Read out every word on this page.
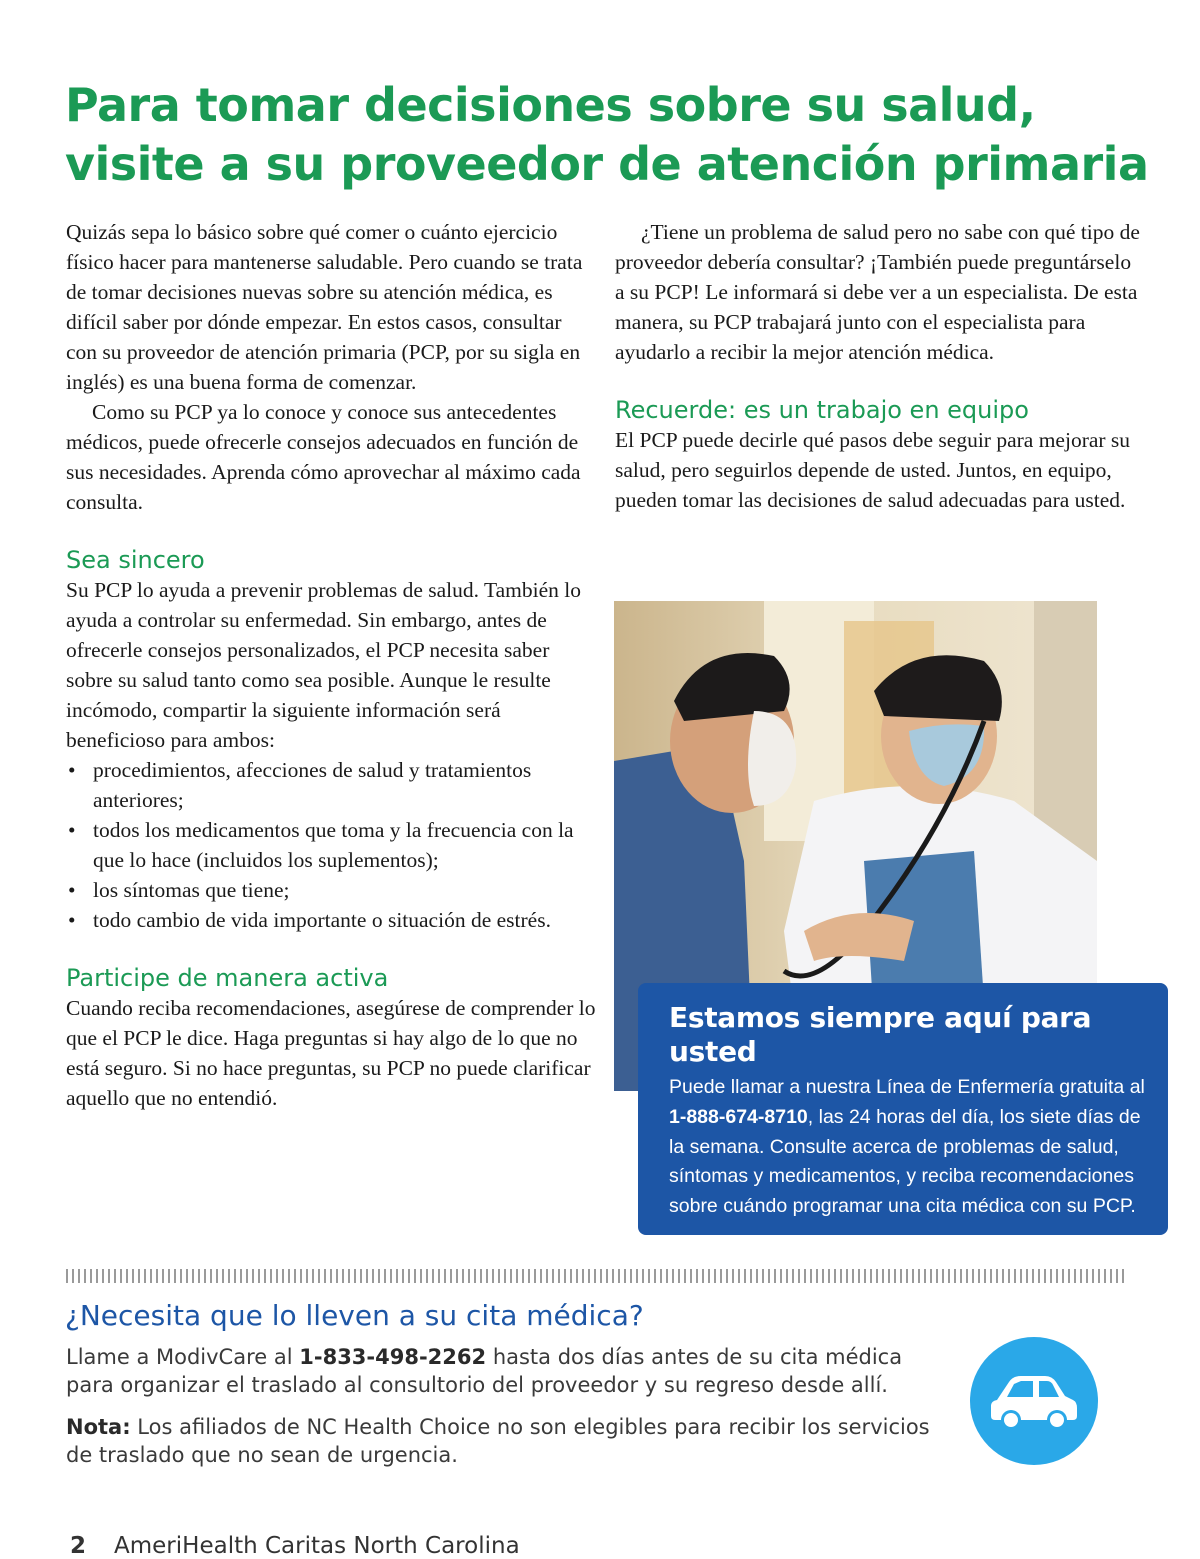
Para tomar decisiones sobre su salud,
visite a su proveedor de atención primaria

Quizás sepa lo básico sobre qué comer o cuánto ejercicio físico hacer para mantenerse saludable. Pero cuando se trata de tomar decisiones nuevas sobre su atención médica, es difícil saber por dónde empezar. En estos casos, consultar con su proveedor de atención primaria (PCP, por su sigla en inglés) es una buena forma de comenzar.

Como su PCP ya lo conoce y conoce sus antecedentes médicos, puede ofrecerle consejos adecuados en función de sus necesidades. Aprenda cómo aprovechar al máximo cada consulta.

Sea sincero

Su PCP lo ayuda a prevenir problemas de salud. También lo ayuda a controlar su enfermedad. Sin embargo, antes de ofrecerle consejos personalizados, el PCP necesita saber sobre su salud tanto como sea posible. Aunque le resulte incómodo, compartir la siguiente información será beneficioso para ambos:

• procedimientos, afecciones de salud y tratamientos anteriores;
• todos los medicamentos que toma y la frecuencia con la que lo hace (incluidos los suplementos);
• los síntomas que tiene;
• todo cambio de vida importante o situación de estrés.
Participe de manera activa

Cuando reciba recomendaciones, asegúrese de comprender lo que el PCP le dice. Haga preguntas si hay algo de lo que no está seguro. Si no hace preguntas, su PCP no puede clarificar aquello que no entendió.

¿Tiene un problema de salud pero no sabe con qué tipo de proveedor debería consultar? ¡También puede preguntárselo a su PCP! Le informará si debe ver a un especialista. De esta manera, su PCP trabajará junto con el especialista para ayudarlo a recibir la mejor atención médica.

Recuerde: es un trabajo en equipo

El PCP puede decirle qué pasos debe seguir para mejorar su salud, pero seguirlos depende de usted. Juntos, en equipo, pueden tomar las decisiones de salud adecuadas para usted.

Estamos siempre aquí para usted

Puede llamar a nuestra Línea de Enfermería gratuita al 1-888-674-8710, las 24 horas del día, los siete días de la semana. Consulte acerca de problemas de salud, síntomas y medicamentos, y reciba recomendaciones sobre cuándo programar una cita médica con su PCP.

¿Necesita que lo lleven a su cita médica?

Llame a ModivCare al 1-833-498-2262 hasta dos días antes de su cita médica para organizar el traslado al consultorio del proveedor y su regreso desde allí.

Nota: Los afiliados de NC Health Choice no son elegibles para recibir los servicios de traslado que no sean de urgencia.

2 AmeriHealth Caritas North Carolina
